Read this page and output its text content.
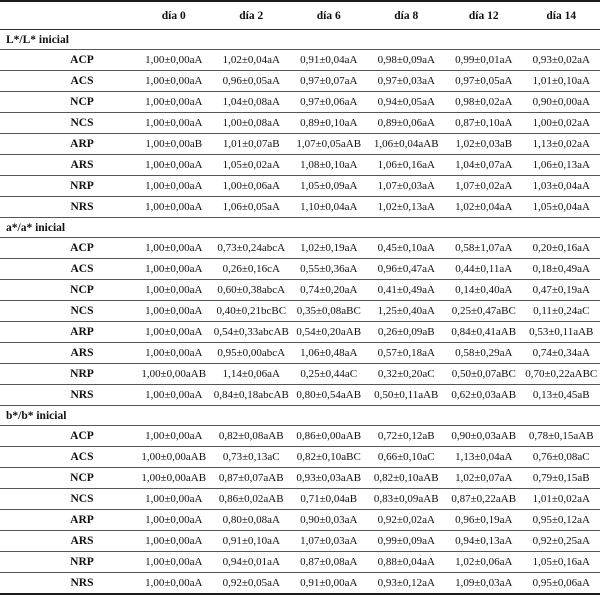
	día 0	día 2	día 6	día 8	día 12	día 14
L*/L* inicial						
ACP	1,00±0,00aA	1,02±0,04aA	0,91±0,04aA	0,98±0,09aA	0,99±0,01aA	0,93±0,02aA
ACS	1,00±0,00aA	0,96±0,05aA	0,97±0,07aA	0,97±0,03aA	0,97±0,05aA	1,01±0,10aA
NCP	1,00±0,00aA	1,04±0,08aA	0,97±0,06aA	0,94±0,05aA	0,98±0,02aA	0,90±0,00aA
NCS	1,00±0,00aA	1,00±0,08aA	0,89±0,10aA	0,89±0,06aA	0,87±0,10aA	1,00±0,02aA
ARP	1,00±0,00aB	1,01±0,07aB	1,07±0,05aAB	1,06±0,04aAB	1,02±0,03aB	1,13±0,02aA
ARS	1,00±0,00aA	1,05±0,02aA	1,08±0,10aA	1,06±0,16aA	1,04±0,07aA	1,06±0,13aA
NRP	1,00±0,00aA	1,00±0,06aA	1,05±0,09aA	1,07±0,03aA	1,07±0,02aA	1,03±0,04aA
NRS	1,00±0,00aA	1,06±0,05aA	1,10±0,04aA	1,02±0,13aA	1,02±0,04aA	1,05±0,04aA
a*/a* inicial						
ACP	1,00±0,00aA	0,73±0,24abcA	1,02±0,19aA	0,45±0,10aA	0,58±1,07aA	0,20±0,16aA
ACS	1,00±0,00aA	0,26±0,16cA	0,55±0,36aA	0,96±0,47aA	0,44±0,11aA	0,18±0,49aA
NCP	1,00±0,00aA	0,60±0,38abcA	0,74±0,20aA	0,41±0,49aA	0,14±0,40aA	0,47±0,19aA
NCS	1,00±0,00aA	0,40±0,21bcBC	0,35±0,08aBC	1,25±0,40aA	0,25±0,47aBC	0,11±0,24aC
ARP	1,00±0,00aA	0,54±0,33abcAB	0,54±0,20aAB	0,26±0,09aB	0,84±0,41aAB	0,53±0,11aAB
ARS	1,00±0,00aA	0,95±0,00abcA	1,06±0,48aA	0,57±0,18aA	0,58±0,29aA	0,74±0,34aA
NRP	1,00±0,00aAB	1,14±0,06aA	0,25±0,44aC	0,32±0,20aC	0,50±0,07aBC	0,70±0,22aABC
NRS	1,00±0,00aA	0,84±0,18abcAB	0,80±0,54aAB	0,50±0,11aAB	0,62±0,03aAB	0,13±0,45aB
b*/b* inicial						
ACP	1,00±0,00aA	0,82±0,08aAB	0,86±0,00aAB	0,72±0,12aB	0,90±0,03aAB	0,78±0,15aAB
ACS	1,00±0,00aAB	0,73±0,13aC	0,82±0,10aBC	0,66±0,10aC	1,13±0,04aA	0,76±0,08aC
NCP	1,00±0,00aAB	0,87±0,07aAB	0,93±0,03aAB	0,82±0,10aAB	1,02±0,07aA	0,79±0,15aB
NCS	1,00±0,00aA	0,86±0,02aAB	0,71±0,04aB	0,83±0,09aAB	0,87±0,22aAB	1,01±0,02aA
ARP	1,00±0,00aA	0,80±0,08aA	0,90±0,03aA	0,92±0,02aA	0,96±0,19aA	0,95±0,12aA
ARS	1,00±0,00aA	0,91±0,10aA	1,07±0,03aA	0,99±0,09aA	0,94±0,13aA	0,92±0,25aA
NRP	1,00±0,00aA	0,94±0,01aA	0,87±0,08aA	0,88±0,04aA	1,02±0,06aA	1,05±0,16aA
NRS	1,00±0,00aA	0,92±0,05aA	0,91±0,00aA	0,93±0,12aA	1,09±0,03aA	0,95±0,06aA
